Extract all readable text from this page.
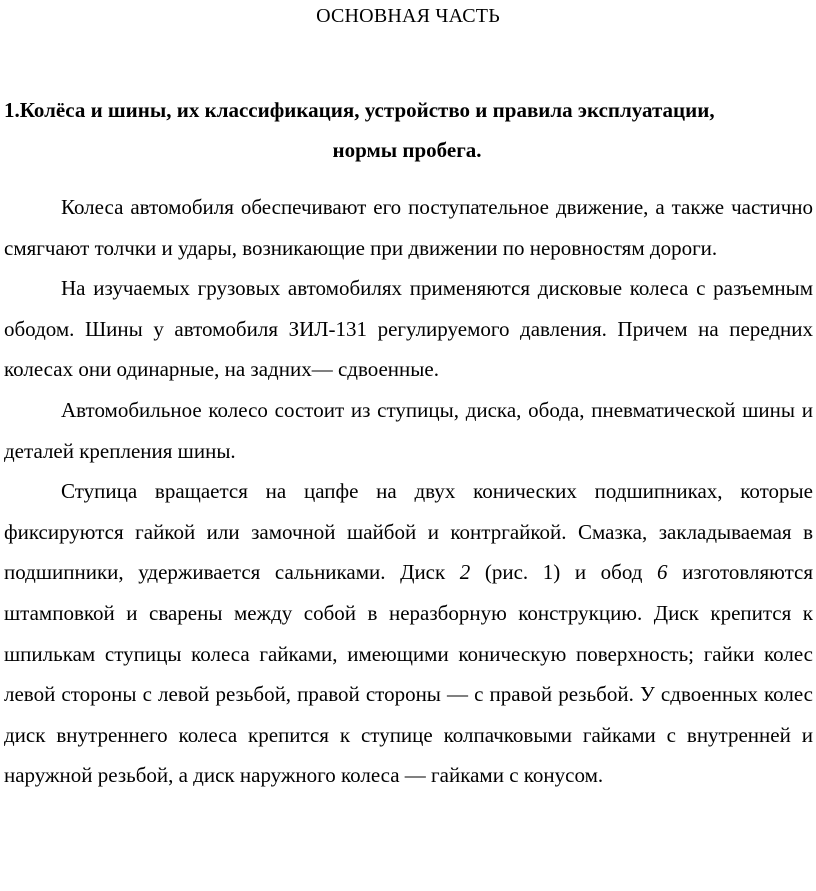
ОСНОВНАЯ ЧАСТЬ
1.Колёса и шины, их классификация, устройство и правила эксплуатации,
нормы пробега.

Колеса автомобиля обеспечивают его поступательное движение, а также частично смягчают толчки и удары, возникающие при движении по неровностям дороги.

На изучаемых грузовых автомобилях применяются дисковые колеса с разъемным ободом. Шины у автомобиля ЗИЛ-131 регулируемого давления. Причем на передних колесах они одинарные, на задних— сдвоенные.

Автомобильное колесо состоит из ступицы, диска, обода, пневматической шины и деталей крепления шины.

Ступица вращается на цапфе на двух конических подшипниках, которые фиксируются гайкой или замочной шайбой и контргайкой. Смазка, закладываемая в подшипники, удерживается сальниками. Диск 2 (рис. 1) и обод 6 изготовляются штамповкой и сварены между собой в неразборную конструкцию. Диск крепится к шпилькам ступицы колеса гайками, имеющими коническую поверхность; гайки колес левой стороны с левой резьбой, правой стороны — с правой резьбой. У сдвоенных колес диск внутреннего колеса крепится к ступице колпачковыми гайками с внутренней и наружной резьбой, а диск наружного колеса — гайками с конусом.
